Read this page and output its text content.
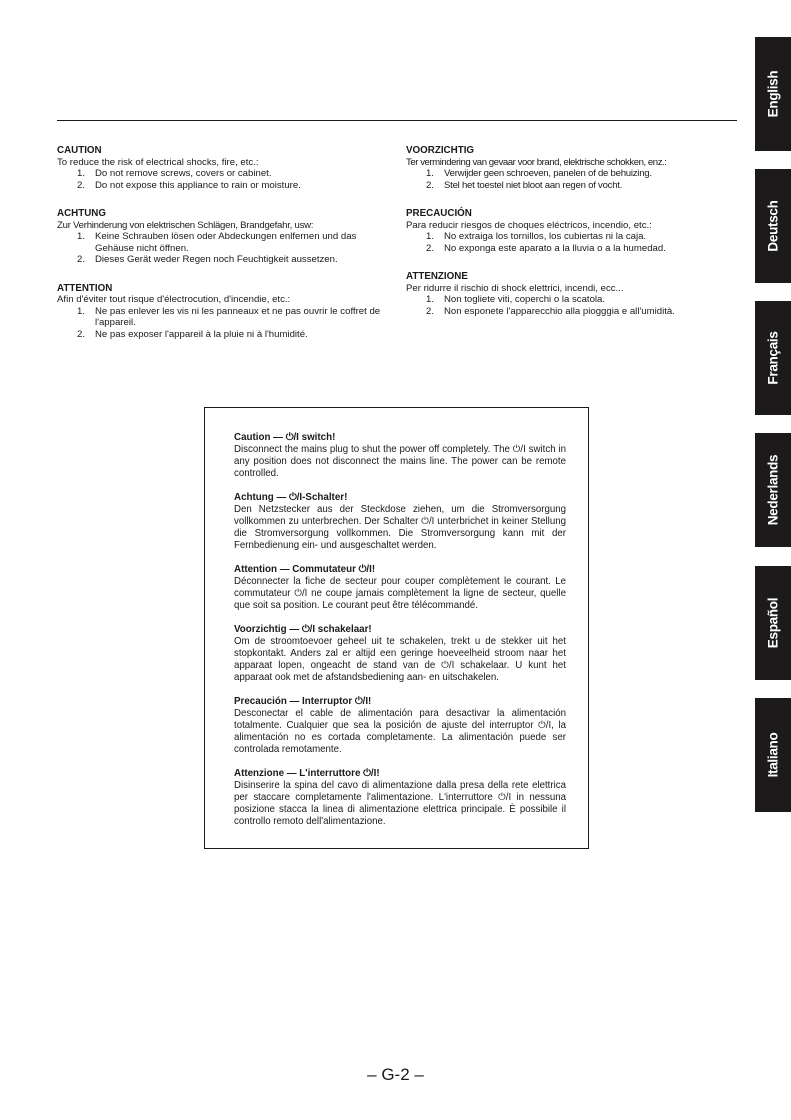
CAUTION

To reduce the risk of electrical shocks, fire, etc.:

1. Do not remove screws, covers or cabinet.
2. Do not expose this appliance to rain or moisture.
ACHTUNG

Zur Verhinderung von elektrischen Schlägen, Brandgefahr, usw:

1. Keine Schrauben lösen oder Abdeckungen enlfernen und das Gehäuse nicht öffnen.
2. Dieses Gerät weder Regen noch Feuchtigkeit aussetzen.
ATTENTION

Afin d'éviter tout risque d'électrocution, d'incendie, etc.:

1. Ne pas enlever les vis ni les panneaux et ne pas ouvrir le coffret de l'appareil.
2. Ne pas exposer l'appareil à la pluie ni à l'humidité.
VOORZICHTIG

Ter vermindering van gevaar voor brand, elektrische schokken, enz.:

1. Verwijder geen schroeven, panelen of de behuizing.
2. Stel het toestel niet bloot aan regen of vocht.
PRECAUCIÓN

Para reducir riesgos de choques eléctricos, incendio, etc.:

1. No extraiga los tornillos, los cubiertas ni la caja.
2. No exponga este aparato a la lluvia o a la humedad.
ATTENZIONE

Per ridurre il rischio di shock elettrici, incendi, ecc...

1. Non togliete viti, coperchi o la scatola.
2. Non esponete l'apparecchio alla piogggia e all'umidità.
Caution — ⏻/I switch!

Disconnect the mains plug to shut the power off completely. The ⏻/I switch in any position does not disconnect the mains line. The power can be remote controlled.

Achtung — ⏻/I-Schalter!

Den Netzstecker aus der Steckdose ziehen, um die Stromversorgung vollkommen zu unterbrechen. Der Schalter ⏻/I unterbrichet in keiner Stellung die Stromversorgung vollkommen. Die Stromversorgung kann mit der Fernbedienung ein- und ausgeschaltet werden.

Attention — Commutateur ⏻/I!

Déconnecter la fiche de secteur pour couper complètement le courant. Le commutateur ⏻/I ne coupe jamais complètement la ligne de secteur, quelle que soit sa position. Le courant peut être télécommandé.

Voorzichtig — ⏻/I schakelaar!

Om de stroomtoevoer geheel uit te schakelen, trekt u de stekker uit het stopkontakt. Anders zal er altijd een geringe hoeveelheid stroom naar het apparaat lopen, ongeacht de stand van de ⏻/I schakelaar. U kunt het apparaat ook met de afstandsbediening aan- en uitschakelen.

Precaución — Interruptor ⏻/I!

Desconectar el cable de alimentación para desactivar la alimentación totalmente. Cualquier que sea la posición de ajuste del interruptor ⏻/I, la alimentación no es cortada completamente. La alimentación puede ser controlada remotamente.

Attenzione — L'interruttore ⏻/I!

Disinserire la spina del cavo di alimentazione dalla presa della rete elettrica per staccare completamente l'alimentazione. L'interruttore ⏻/I in nessuna posizione stacca la linea di alimentazione elettrica principale. È possibile il controllo remoto dell'alimentazione.

English
Deutsch
Français
Nederlands
Español
Italiano
– G-2 –
